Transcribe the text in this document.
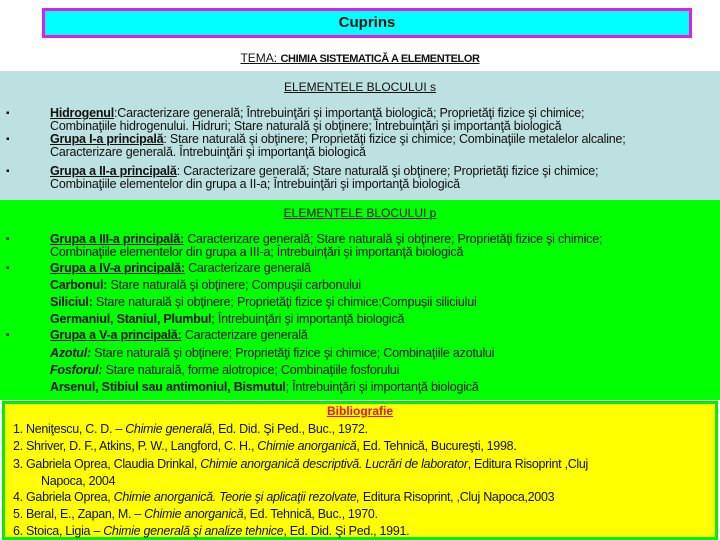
Cuprins
TEMA: CHIMIA SISTEMATICĂ A ELEMENTELOR
ELEMENTELE BLOCULUI s
▪	Hidrogenul:Caracterizare generală; Întrebuinţări şi importanţă biologică; Proprietăţi fizice şi chimice;
Combinaţiile hidrogenului. Hidruri; Stare naturală şi obţinere; Întrebuinţări şi importanţă biologică
▪	Grupa I-a principală: Stare naturală şi obţinere; Proprietăţi fizice şi chimice; Combinaţiile metalelor alcaline;
Caracterizare generală. Întrebuinţări şi importanţă biologică
▪	Grupa a II-a principală: Caracterizare generală; Stare naturală şi obţinere; Proprietăţi fizice şi chimice;
Combinaţiile elementelor din grupa a II-a; Întrebuinţări şi importanţă biologică
ELEMENTELE BLOCULUI p
▪	Grupa a III-a principală: Caracterizare generală; Stare naturală şi obţinere; Proprietăţi fizice şi chimice;
Combinaţiile elementelor din grupa a III-a; Întrebuinţări şi importanţă biologică
▪	Grupa a IV-a principală: Caracterizare generală
Carbonul: Stare naturală şi obţinere; Compuşii carbonului
Siliciul: Stare naturală şi obţinere; Proprietăţi fizice şi chimice;Compuşii siliciului
Germaniul, Staniul, Plumbul; Întrebuinţări şi importanţă biologică
▪	Grupa a V-a principală: Caracterizare generală
Azotul: Stare naturală şi obţinere; Proprietăţi fizice şi chimice; Combinaţiile azotului
Fosforul: Stare naturală, forme alotropice; Combinaţiile fosforului
Arsenul, Stibiul sau antimoniul, Bismutul; Întrebuinţări şi importanţă biologică
Bibliografie
1. Neniţescu, C. D. – Chimie generală, Ed. Did. Şi Ped., Buc., 1972.
2. Shriver, D. F., Atkins, P. W., Langford, C. H., Chimie anorganică, Ed. Tehnică, Bucureşti, 1998.
3. Gabriela Oprea, Claudia Drinkal, Chimie anorganică descriptivă. Lucrări de laborator, Editura Risoprint ,Cluj
Napoca, 2004
4. Gabriela Oprea, Chimie anorganică. Teorie şi aplicaţii rezolvate, Editura Risoprint, ,Cluj Napoca,2003
5. Beral, E., Zapan, M. – Chimie anorganică, Ed. Tehnică, Buc., 1970.
6. Stoica, Ligia – Chimie generală şi analize tehnice, Ed. Did. Şi Ped., 1991.
